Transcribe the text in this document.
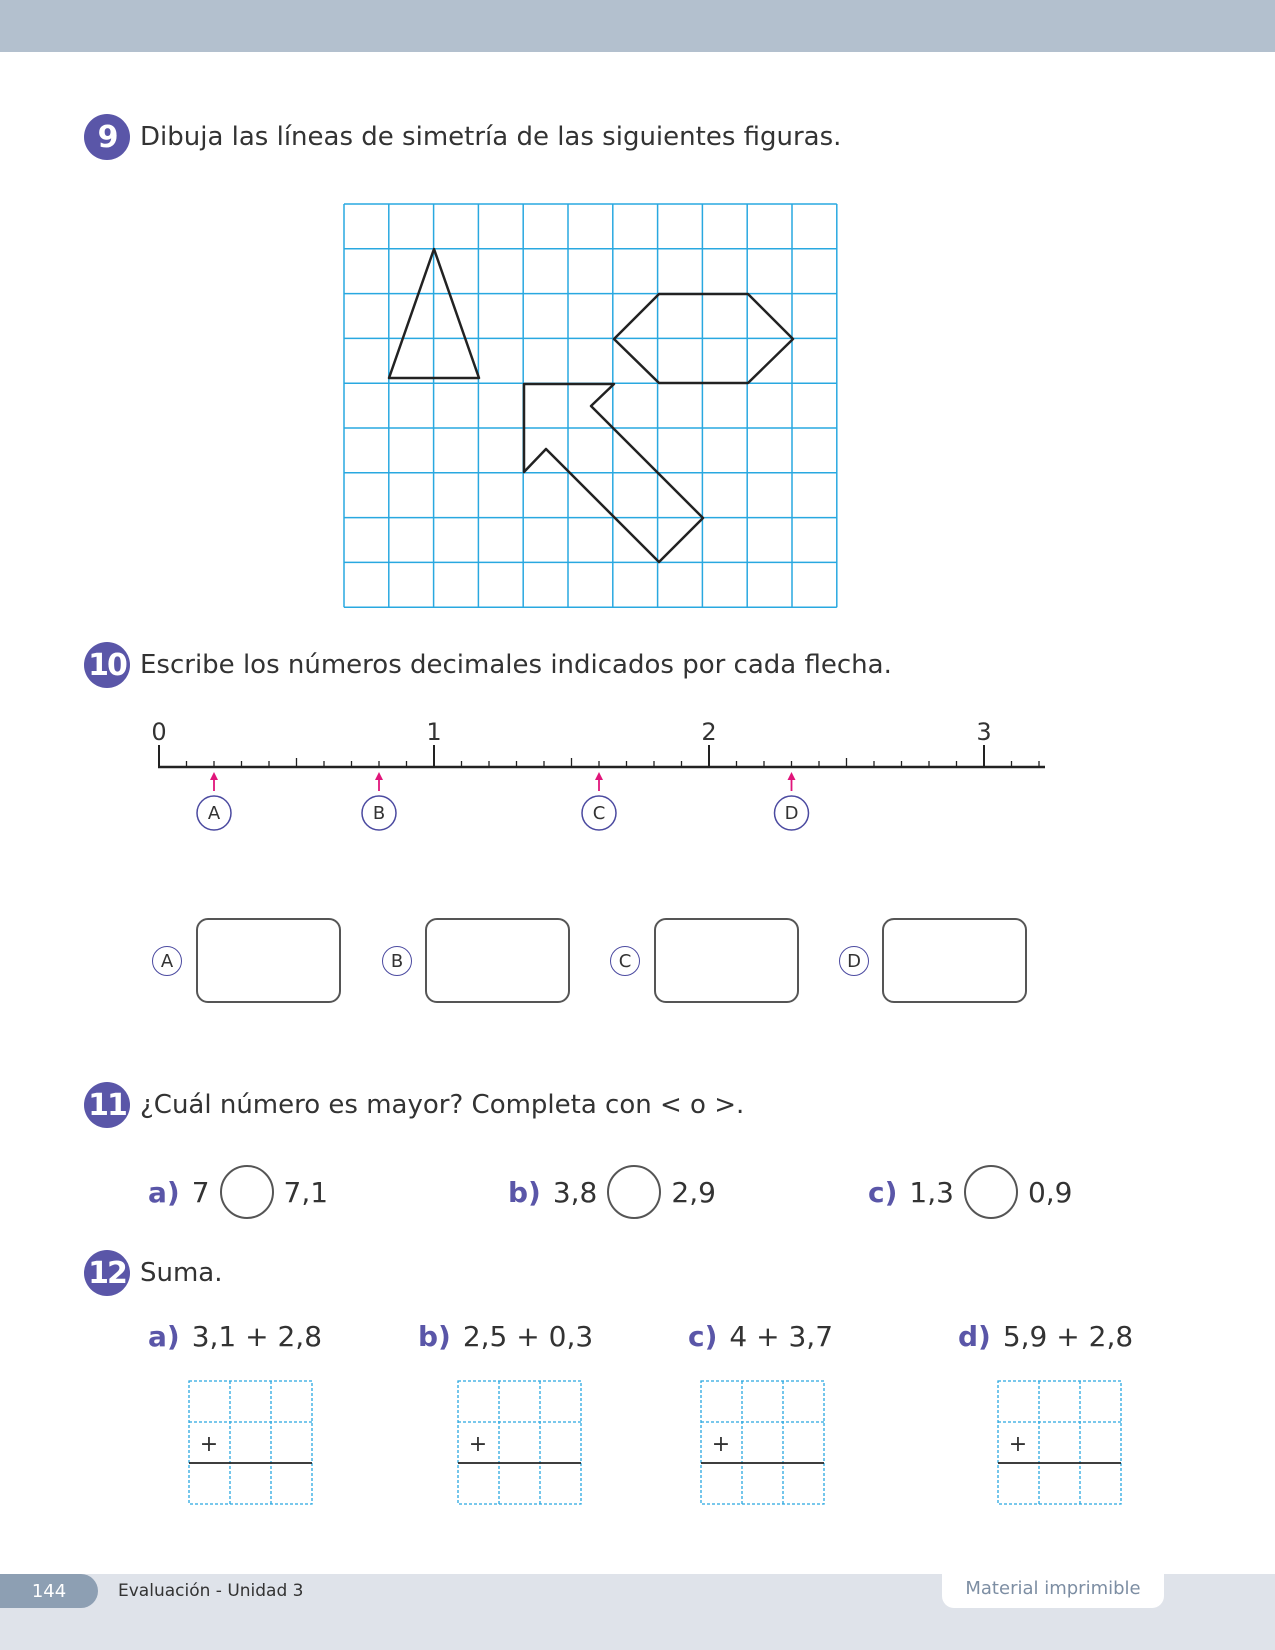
9 Dibuja las líneas de simetría de las siguientes figuras.
10 Escribe los números decimales indicados por cada flecha.
0	1	2	3
A	B	C	D
A	B	C	D
11 ¿Cuál número es mayor? Completa con < o >.
a) 7	7,1	b) 3,8	2,9	c) 1,3	0,9
12 Suma.
a) 3,1 + 2,8	b) 2,5 + 0,3	c) 4 + 3,7	d) 5,9 + 2,8
+	+	+	+
144	Evaluación - Unidad 3	Material imprimible
